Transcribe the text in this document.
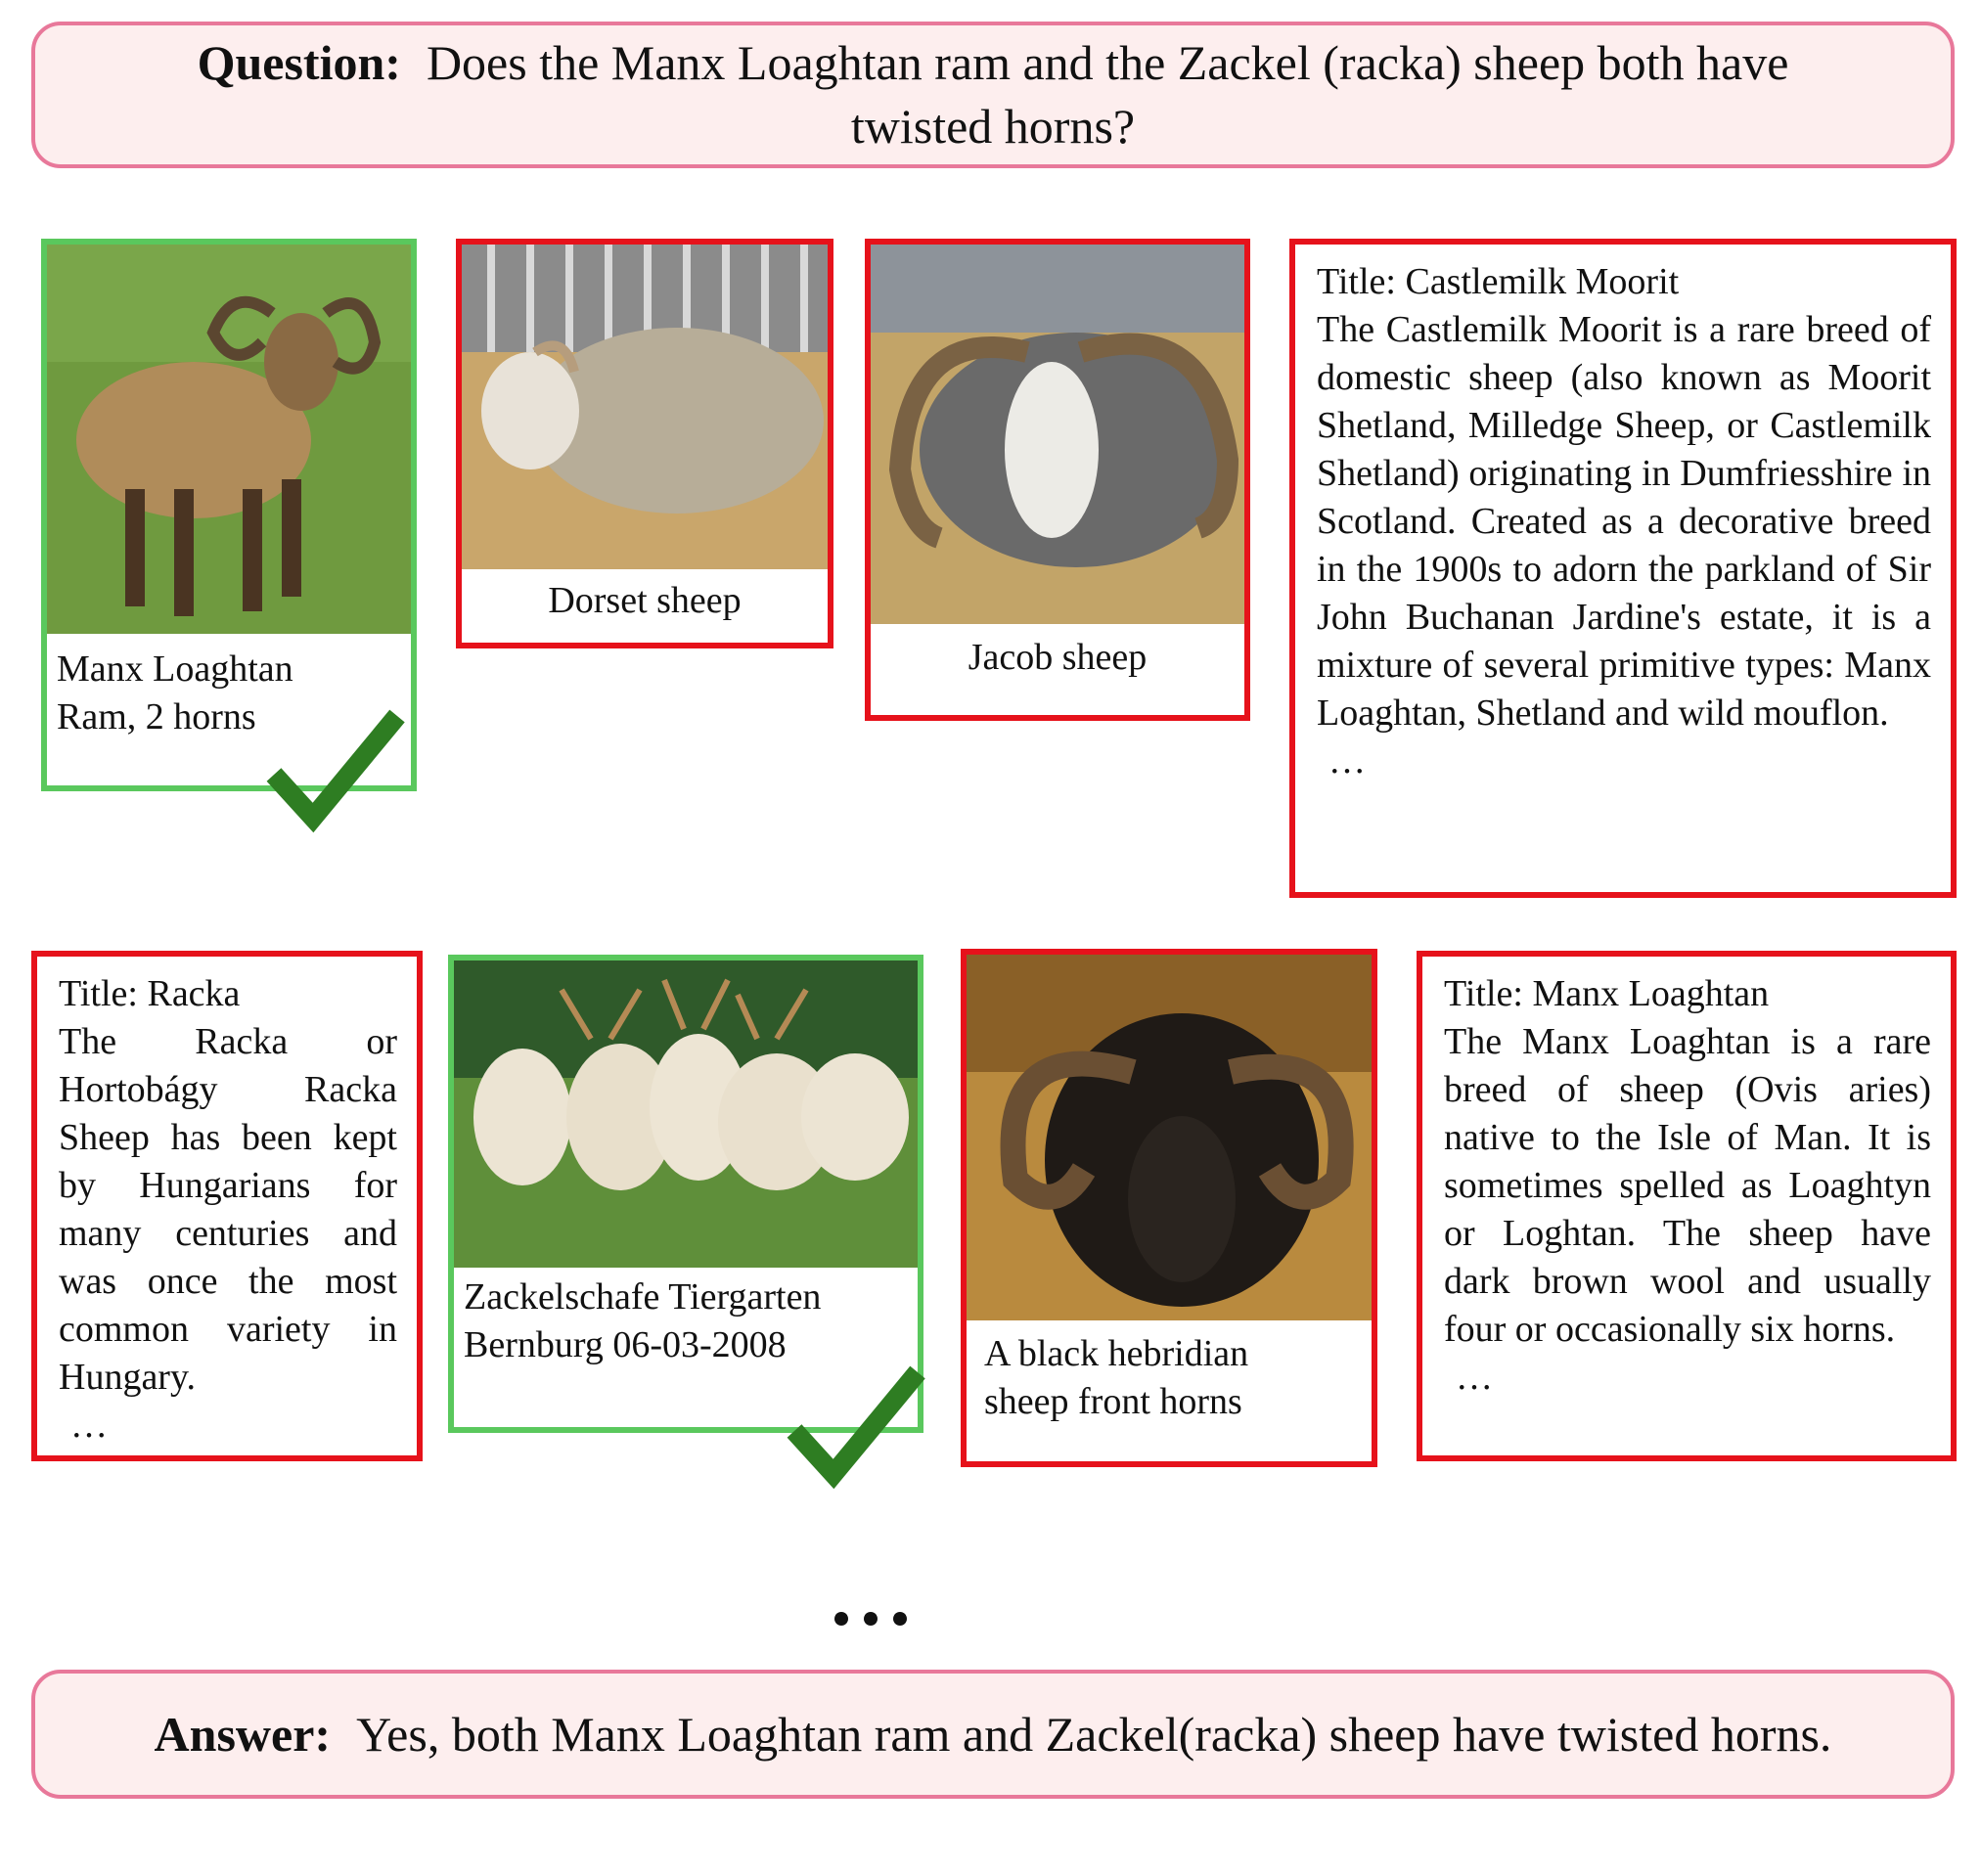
Question: Does the Manx Loaghtan ram and the Zackel (racka) sheep both have twisted horns?
Manx Loaghtan
Ram, 2 horns
Dorset sheep
Jacob sheep
Title: Castlemilk Moorit
The Castlemilk Moorit is a rare breed of domestic sheep (also known as Moorit Shetland, Milledge Sheep, or Castlemilk Shetland) originating in Dumfriesshire in Scotland. Created as a decorative breed in the 1900s to adorn the parkland of Sir John Buchanan Jardine's estate, it is a mixture of several primitive types: Manx Loaghtan, Shetland and wild mouflon.
…
Title: Racka
The Racka or Hortobágy Racka Sheep has been kept by Hungarians for many centuries and was once the most common variety in Hungary.
…
Zackelschafe Tiergarten
Bernburg 06-03-2008	A black hebridian
sheep front horns
Title: Manx Loaghtan
The Manx Loaghtan is a rare breed of sheep (Ovis aries) native to the Isle of Man. It is sometimes spelled as Loaghtyn or Loghtan. The sheep have dark brown wool and usually four or occasionally six horns.
…
Answer: Yes, both Manx Loaghtan ram and Zackel(racka) sheep have twisted horns.
